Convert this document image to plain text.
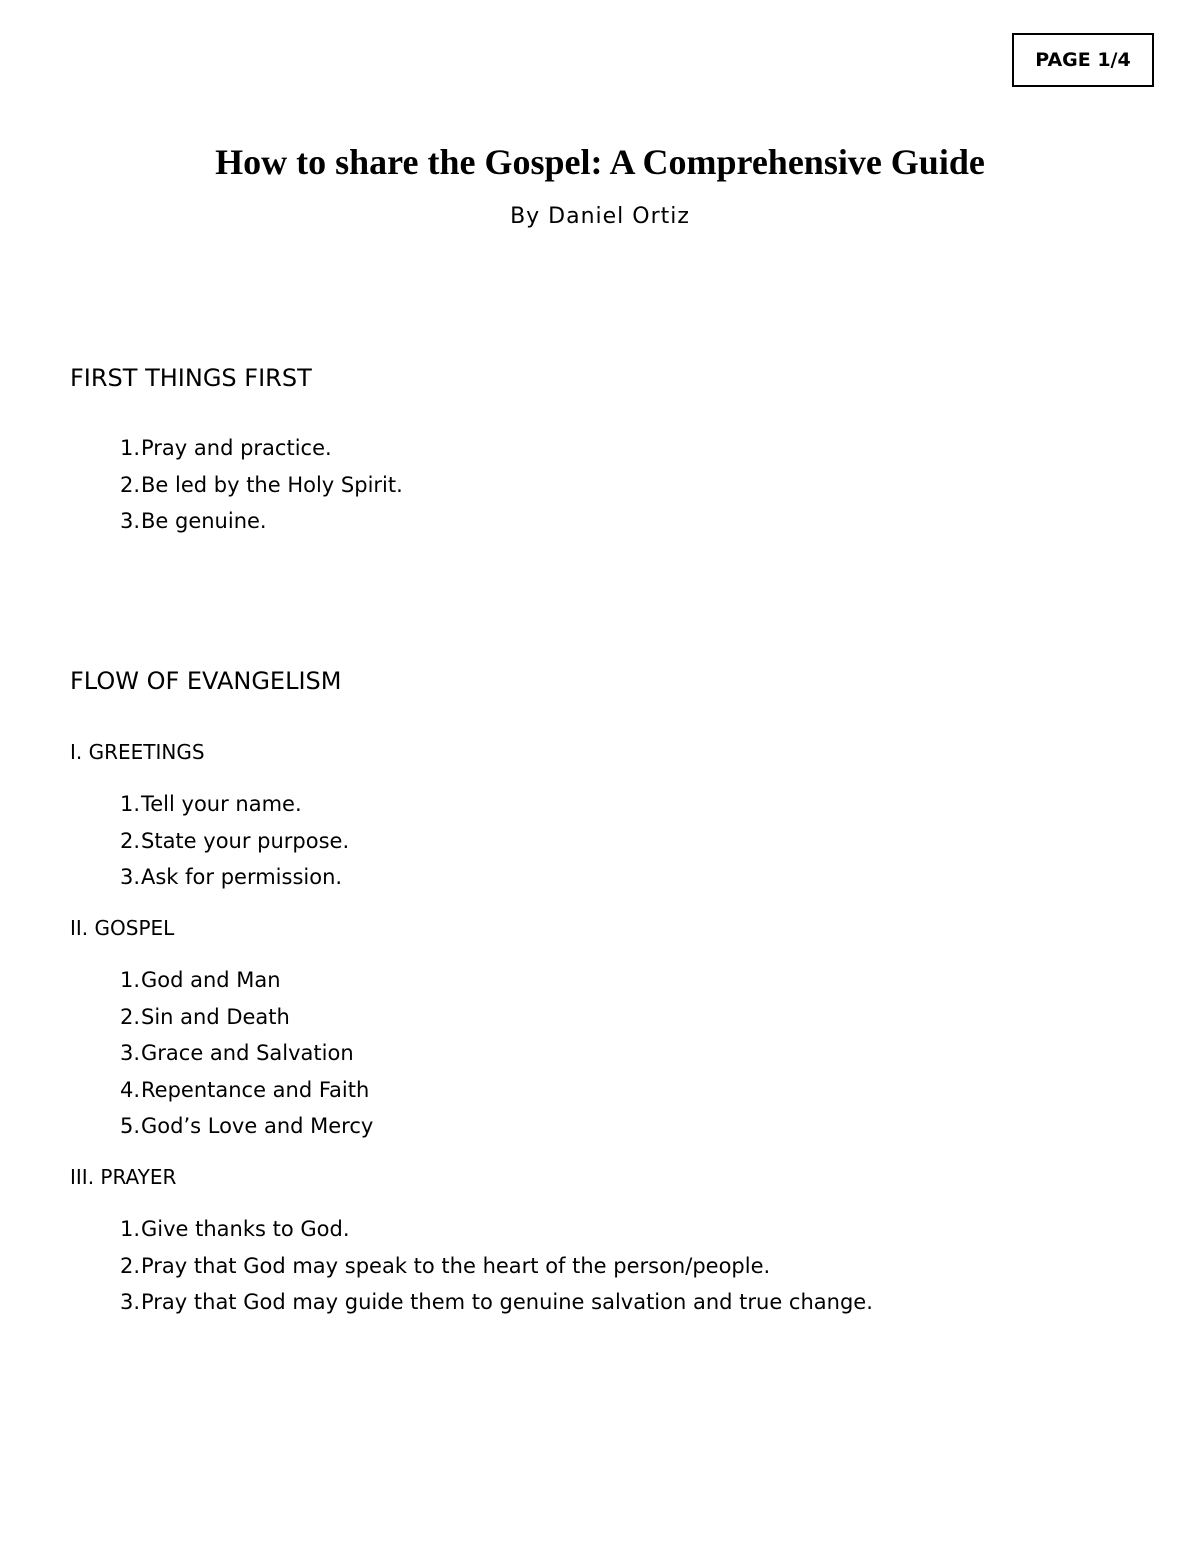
PAGE 1/4
How to share the Gospel: A Comprehensive Guide
By Daniel Ortiz
FIRST THINGS FIRST
1. Pray and practice.
2. Be led by the Holy Spirit.
3. Be genuine.
FLOW OF EVANGELISM
I. GREETINGS
1. Tell your name.
2. State your purpose.
3. Ask for permission.
II. GOSPEL
1. God and Man
2. Sin and Death
3. Grace and Salvation
4. Repentance and Faith
5. God’s Love and Mercy
III. PRAYER
1. Give thanks to God.
2. Pray that God may speak to the heart of the person/people.
3. Pray that God may guide them to genuine salvation and true change.
